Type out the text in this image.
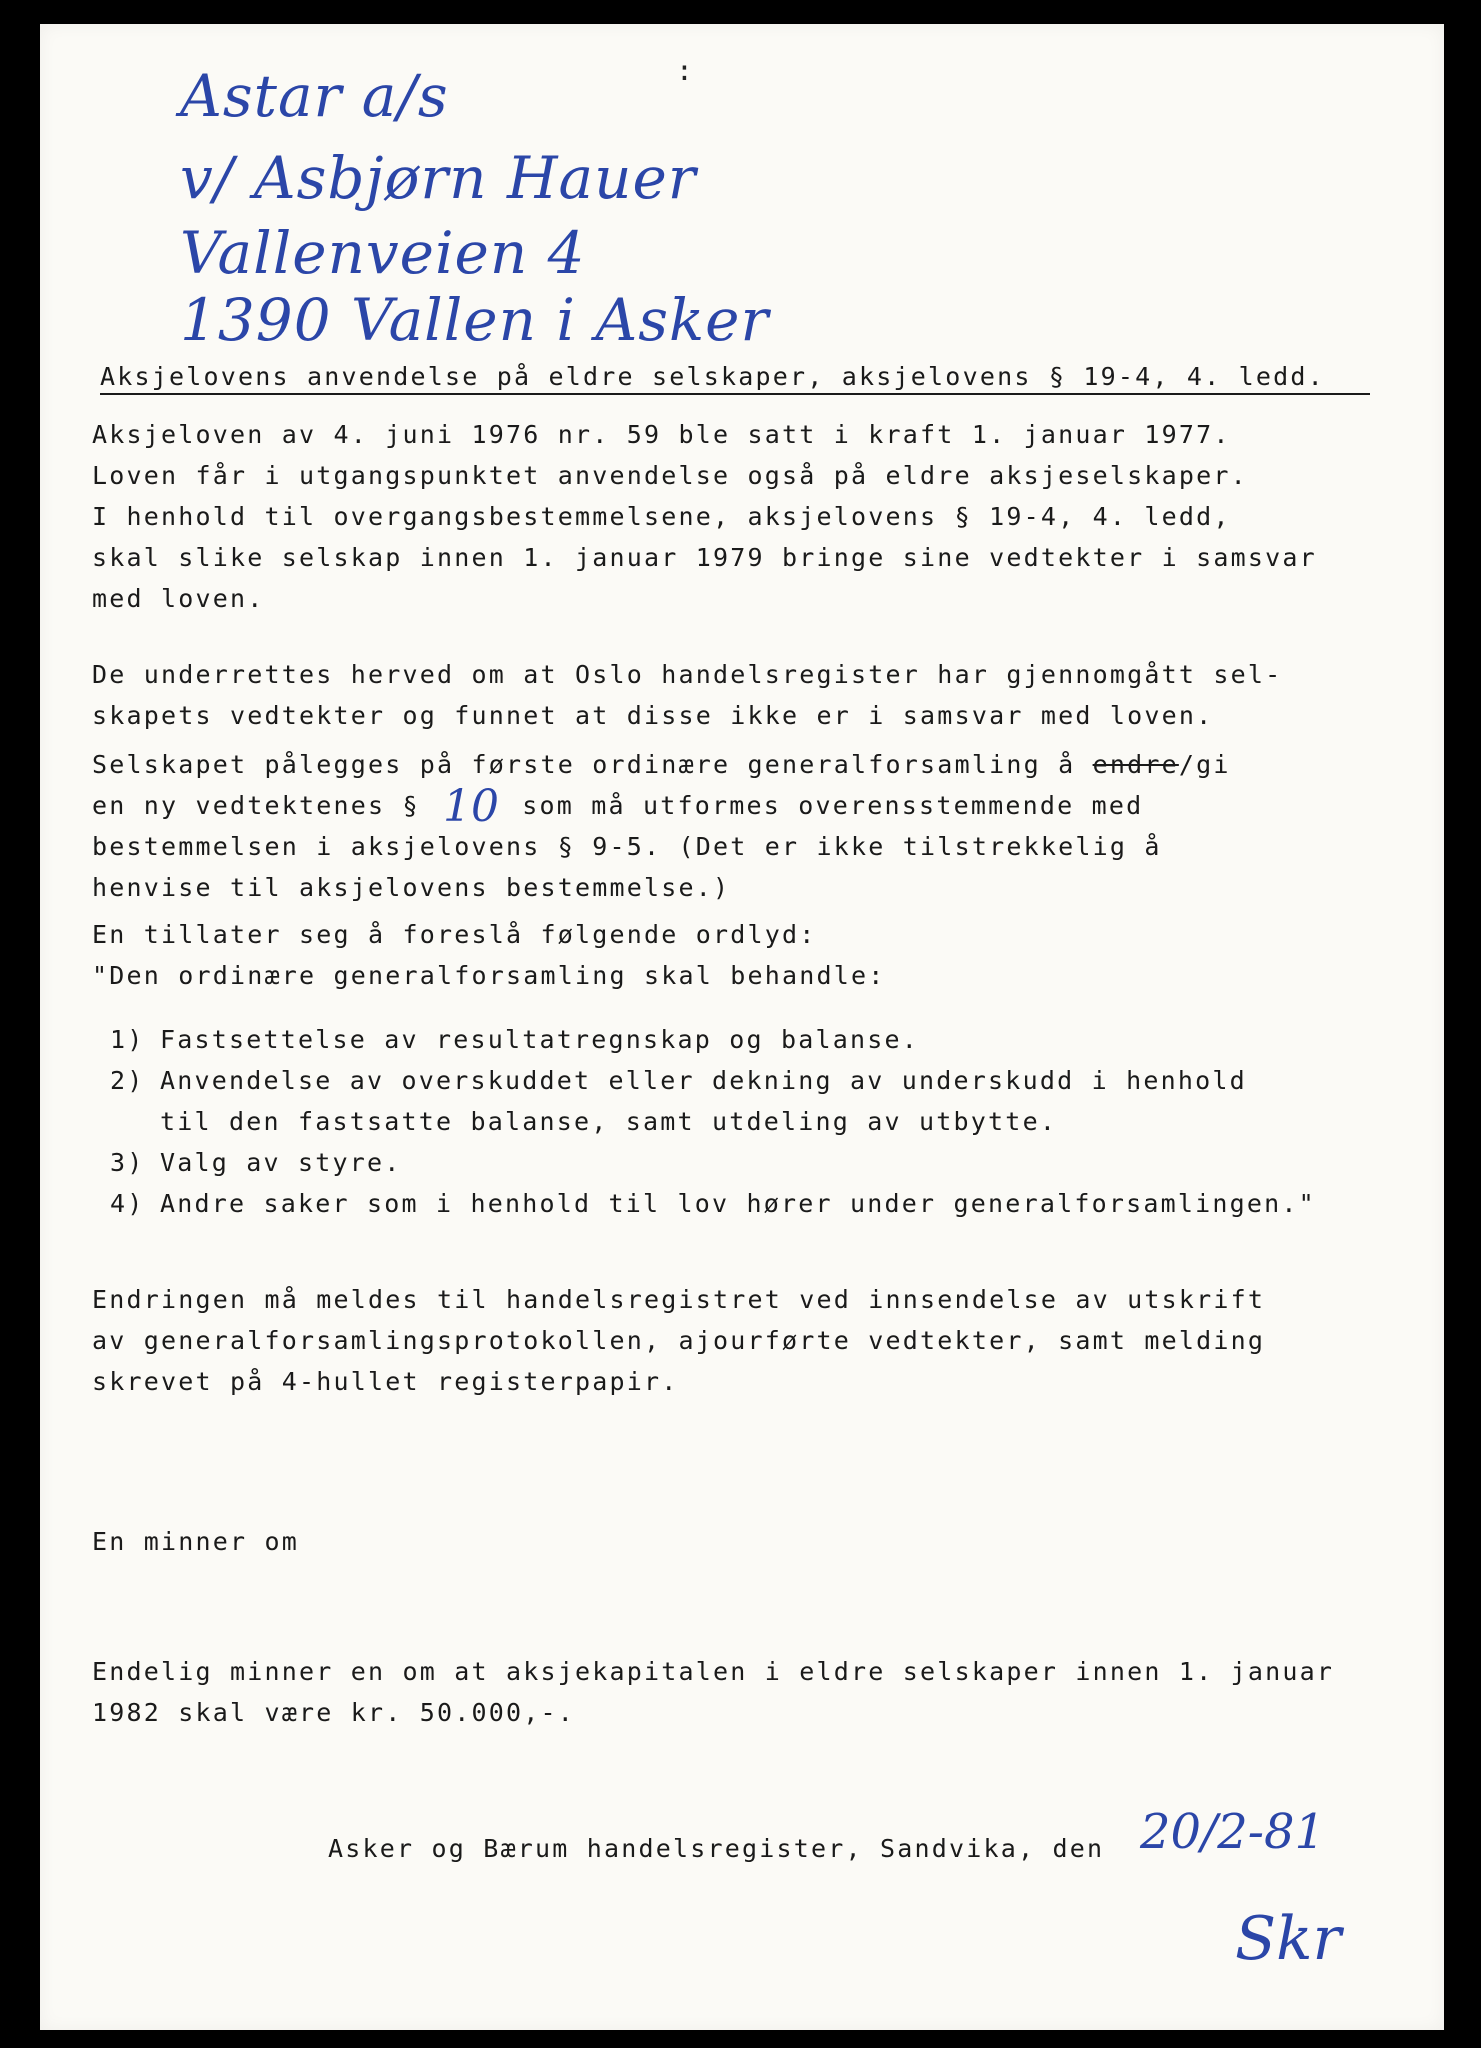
Astar a/s
v/ Asbjørn Hauer
Vallenveien 4
1390 Vallen i Asker
:
Aksjelovens anvendelse på eldre selskaper, aksjelovens § 19-4, 4. ledd.
Aksjeloven av 4. juni 1976 nr. 59 ble satt i kraft 1. januar 1977.
Loven får i utgangspunktet anvendelse også på eldre aksjeselskaper.
I henhold til overgangsbestemmelsene, aksjelovens § 19-4, 4. ledd,
skal slike selskap innen 1. januar 1979 bringe sine vedtekter i samsvar
med loven.
De underrettes herved om at Oslo handelsregister har gjennomgått sel-
skapets vedtekter og funnet at disse ikke er i samsvar med loven.
Selskapet pålegges på første ordinære generalforsamling å endre/gi
en ny vedtektenes § 10 som må utformes overensstemmende med
bestemmelsen i aksjelovens § 9-5. (Det er ikke tilstrekkelig å
henvise til aksjelovens bestemmelse.)
En tillater seg å foreslå følgende ordlyd:
"Den ordinære generalforsamling skal behandle:
1) Fastsettelse av resultatregnskap og balanse.
2) Anvendelse av overskuddet eller dekning av underskudd i henhold
til den fastsatte balanse, samt utdeling av utbytte.
3) Valg av styre.
4) Andre saker som i henhold til lov hører under generalforsamlingen."
Endringen må meldes til handelsregistret ved innsendelse av utskrift
av generalforsamlingsprotokollen, ajourførte vedtekter, samt melding
skrevet på 4-hullet registerpapir.
En minner om
Endelig minner en om at aksjekapitalen i eldre selskaper innen 1. januar
1982 skal være kr. 50.000,-.
Asker og Bærum handelsregister, Sandvika, den 20/2-81
Skr
